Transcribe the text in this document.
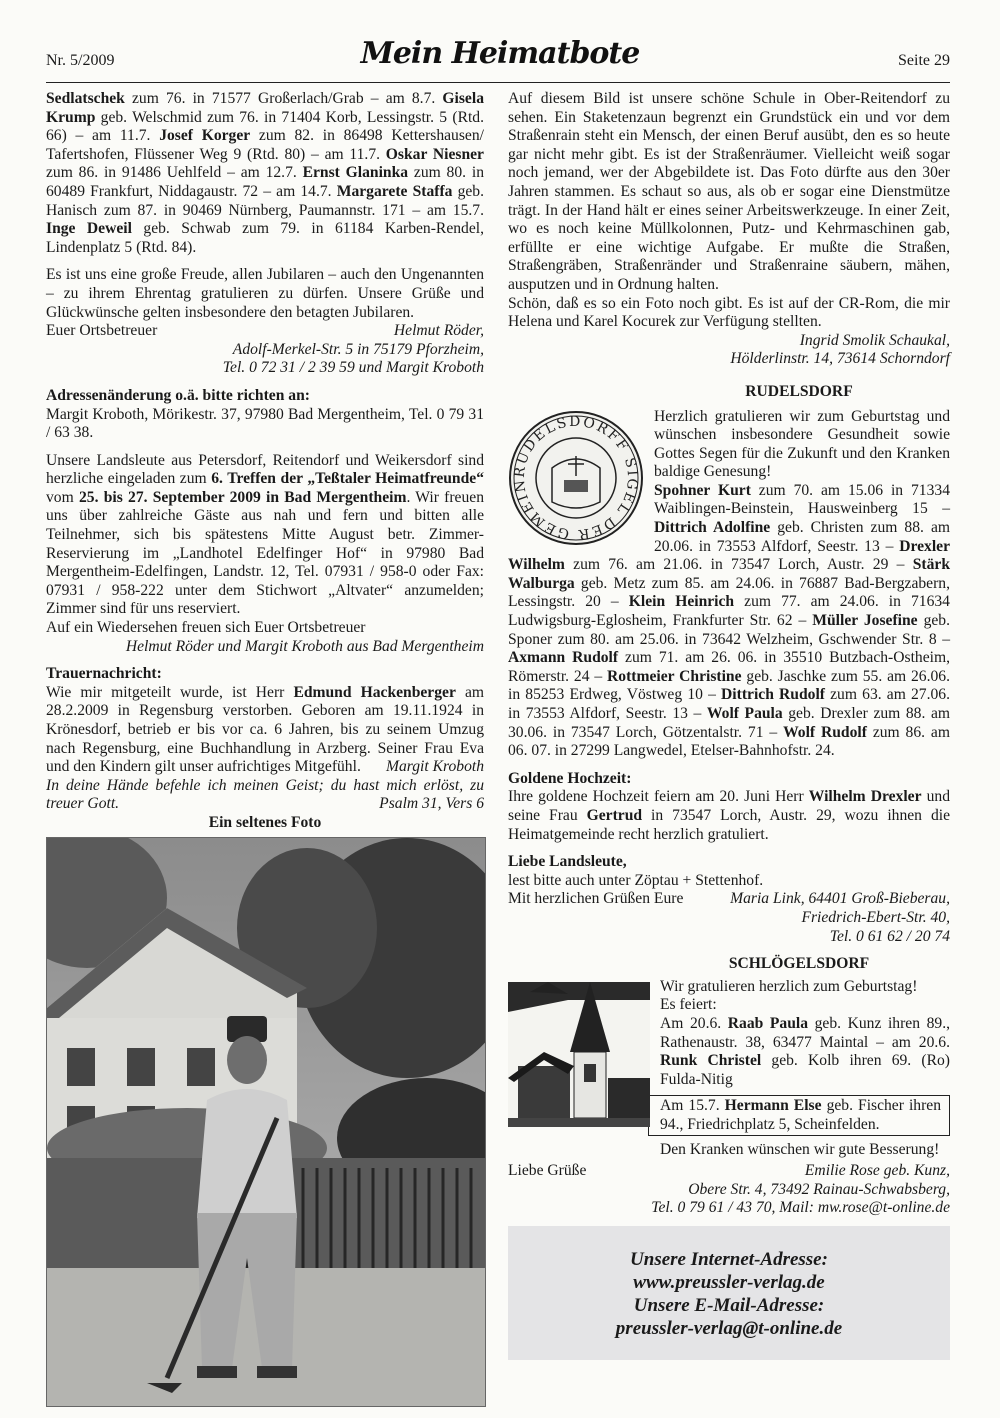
Nr. 5/2009	Mein Heimatbote	Seite 29

Sedlatschek zum 76. in 71577 Großerlach/Grab – am 8.7. Gisela Krump geb. Welschmid zum 76. in 71404 Korb, Lessingstr. 5 (Rtd. 66) – am 11.7. Josef Korger zum 82. in 86498 Kettershausen/ Tafertshofen, Flüssener Weg 9 (Rtd. 80) – am 11.7. Oskar Niesner zum 86. in 91486 Uehlfeld – am 12.7. Ernst Glaninka zum 80. in 60489 Frankfurt, Niddagaustr. 72 – am 14.7. Margarete Staffa geb. Hanisch zum 87. in 90469 Nürnberg, Paumannstr. 171 – am 15.7. Inge Deweil geb. Schwab zum 79. in 61184 Karben-Rendel, Lindenplatz 5 (Rtd. 84).

Es ist uns eine große Freude, allen Jubilaren – auch den Ungenannten – zu ihrem Ehrentag gratulieren zu dürfen. Unsere Grüße und Glückwünsche gelten insbesondere den betagten Jubilaren.

Euer Ortsbetreuer	Helmut Röder,

Adolf-Merkel-Str. 5 in 75179 Pforzheim,

Tel. 0 72 31 / 2 39 59 und Margit Kroboth

Adressenänderung o.ä. bitte richten an:

Margit Kroboth, Mörikestr. 37, 97980 Bad Mergentheim, Tel. 0 79 31 / 63 38.

Unsere Landsleute aus Petersdorf, Reitendorf und Weikersdorf sind herzliche eingeladen zum 6. Treffen der „Teßtaler Heimatfreunde“ vom 25. bis 27. September 2009 in Bad Mergentheim. Wir freuen uns über zahlreiche Gäste aus nah und fern und bitten alle Teilnehmer, sich bis spätestens Mitte August betr. Zimmer-Reservierung im „Landhotel Edelfinger Hof“ in 97980 Bad Mergentheim-Edelfingen, Landstr. 12, Tel. 07931 / 958-0 oder Fax: 07931 / 958-222 unter dem Stichwort „Altvater“ anzumelden; Zimmer sind für uns reserviert.

Auf ein Wiedersehen freuen sich Euer Ortsbetreuer

Helmut Röder und Margit Kroboth aus Bad Mergentheim

Trauernachricht:

Wie mir mitgeteilt wurde, ist Herr Edmund Hackenberger am 28.2.2009 in Regensburg verstorben. Geboren am 19.11.1924 in Krönesdorf, betrieb er bis vor ca. 6 Jahren, bis zu seinem Umzug nach Regensburg, eine Buchhandlung in Arzberg. Seiner Frau Eva und den Kindern gilt unser aufrichtiges Mitgefühl. Margit Kroboth

In deine Hände befehle ich meinen Geist; du hast mich erlöst, zu treuer Gott.	Psalm 31, Vers 6

Ein seltenes Foto

Auf diesem Bild ist unsere schöne Schule in Ober-Reitendorf zu sehen. Ein Staketenzaun begrenzt ein Grundstück ein und vor dem Straßenrain steht ein Mensch, der einen Beruf ausübt, den es so heute gar nicht mehr gibt. Es ist der Straßenräumer. Vielleicht weiß sogar noch jemand, wer der Abgebildete ist. Das Foto dürfte aus den 30er Jahren stammen. Es schaut so aus, als ob er sogar eine Dienstmütze trägt. In der Hand hält er eines seiner Arbeitswerkzeuge. In einer Zeit, wo es noch keine Müllkolonnen, Putz- und Kehrmaschinen gab, erfüllte er eine wichtige Aufgabe. Er mußte die Straßen, Straßengräben, Straßenränder und Straßenraine säubern, mähen, ausputzen und in Ordnung halten.

Schön, daß es so ein Foto noch gibt. Es ist auf der CR-Rom, die mir Helena und Karel Kocurek zur Verfügung stellten.

Ingrid Smolik Schaukal,

Hölderlinstr. 14, 73614 Schorndorf

RUDELSDORF

RUDELSDORFF SIGEL DER GEMEIN

Herzlich gratulieren wir zum Geburtstag und wünschen insbesondere Gesundheit sowie Gottes Segen für die Zukunft und den Kranken baldige Genesung!

Spohner Kurt zum 70. am 15.06 in 71334 Waiblingen-Beinstein, Hausweinberg 15 – Dittrich Adolfine geb. Christen zum 88. am 20.06. in 73553 Alfdorf, Seestr. 13 – Drexler Wilhelm zum 76. am 21.06. in 73547 Lorch, Austr. 29 – Stärk Walburga geb. Metz zum 85. am 24.06. in 76887 Bad-Bergzabern, Lessingstr. 20 – Klein Heinrich zum 77. am 24.06. in 71634 Ludwigsburg-Eglosheim, Frankfurter Str. 62 – Müller Josefine geb. Sponer zum 80. am 25.06. in 73642 Welzheim, Gschwender Str. 8 – Axmann Rudolf zum 71. am 26. 06. in 35510 Butzbach-Ostheim, Römerstr. 24 – Rottmeier Christine geb. Jaschke zum 55. am 26.06. in 85253 Erdweg, Vöstweg 10 – Dittrich Rudolf zum 63. am 27.06. in 73553 Alfdorf, Seestr. 13 – Wolf Paula geb. Drexler zum 88. am 30.06. in 73547 Lorch, Götzentalstr. 71 – Wolf Rudolf zum 86. am 06. 07. in 27299 Langwedel, Etelser-Bahnhofstr. 24.

Goldene Hochzeit:

Ihre goldene Hochzeit feiern am 20. Juni Herr Wilhelm Drexler und seine Frau Gertrud in 73547 Lorch, Austr. 29, wozu ihnen die Heimatgemeinde recht herzlich gratuliert.

Liebe Landsleute,

lest bitte auch unter Zöptau + Stettenhof.

Mit herzlichen Grüßen Eure	Maria Link, 64401 Groß-Bieberau,

Friedrich-Ebert-Str. 40,

Tel. 0 61 62 / 20 74

SCHLÖGELSDORF

Wir gratulieren herzlich zum Geburtstag!

Es feiert:

Am 20.6. Raab Paula geb. Kunz ihren 89., Rathenaustr. 38, 63477 Maintal – am 20.6. Runk Christel geb. Kolb ihren 69. (Ro) Fulda-Nitig

Am 15.7. Hermann Else geb. Fischer ihren 94., Friedrichplatz 5, Scheinfelden.

Den Kranken wünschen wir gute Besserung!

Liebe Grüße	Emilie Rose geb. Kunz,

Obere Str. 4, 73492 Rainau-Schwabsberg,

Tel. 0 79 61 / 43 70, Mail: mw.rose@t-online.de

Unsere Internet-Adresse:
www.preussler-verlag.de
Unsere E-Mail-Adresse:
preussler-verlag@t-online.de
